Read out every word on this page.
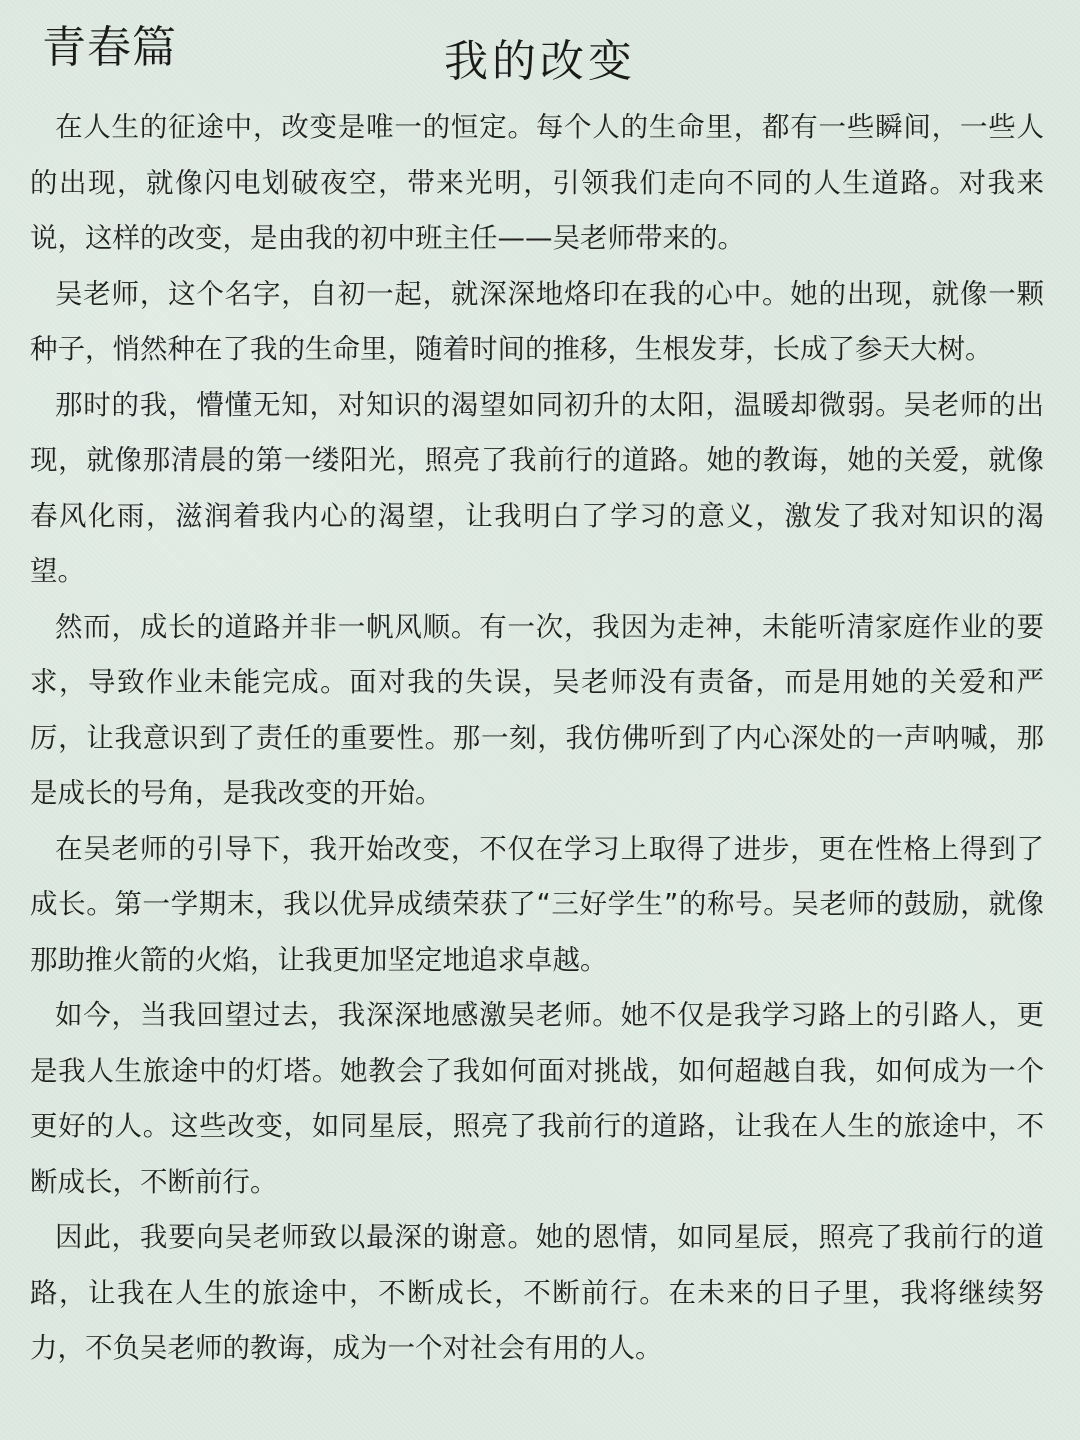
青春篇	我的改变

在人生的征途中，改变是唯一的恒定。每个人的生命里，都有一些瞬间，一些人的出现，就像闪电划破夜空，带来光明，引领我们走向不同的人生道路。对我来说，这样的改变，是由我的初中班主任——吴老师带来的。

吴老师，这个名字，自初一起，就深深地烙印在我的心中。她的出现，就像一颗种子，悄然种在了我的生命里，随着时间的推移，生根发芽，长成了参天大树。

那时的我，懵懂无知，对知识的渴望如同初升的太阳，温暖却微弱。吴老师的出现，就像那清晨的第一缕阳光，照亮了我前行的道路。她的教诲，她的关爱，就像春风化雨，滋润着我内心的渴望，让我明白了学习的意义，激发了我对知识的渴望。

然而，成长的道路并非一帆风顺。有一次，我因为走神，未能听清家庭作业的要求，导致作业未能完成。面对我的失误，吴老师没有责备，而是用她的关爱和严厉，让我意识到了责任的重要性。那一刻，我仿佛听到了内心深处的一声呐喊，那是成长的号角，是我改变的开始。

在吴老师的引导下，我开始改变，不仅在学习上取得了进步，更在性格上得到了成长。第一学期末，我以优异成绩荣获了“三好学生”的称号。吴老师的鼓励，就像那助推火箭的火焰，让我更加坚定地追求卓越。

如今，当我回望过去，我深深地感激吴老师。她不仅是我学习路上的引路人，更是我人生旅途中的灯塔。她教会了我如何面对挑战，如何超越自我，如何成为一个更好的人。这些改变，如同星辰，照亮了我前行的道路，让我在人生的旅途中，不断成长，不断前行。

因此，我要向吴老师致以最深的谢意。她的恩情，如同星辰，照亮了我前行的道路，让我在人生的旅途中，不断成长，不断前行。在未来的日子里，我将继续努力，不负吴老师的教诲，成为一个对社会有用的人。
